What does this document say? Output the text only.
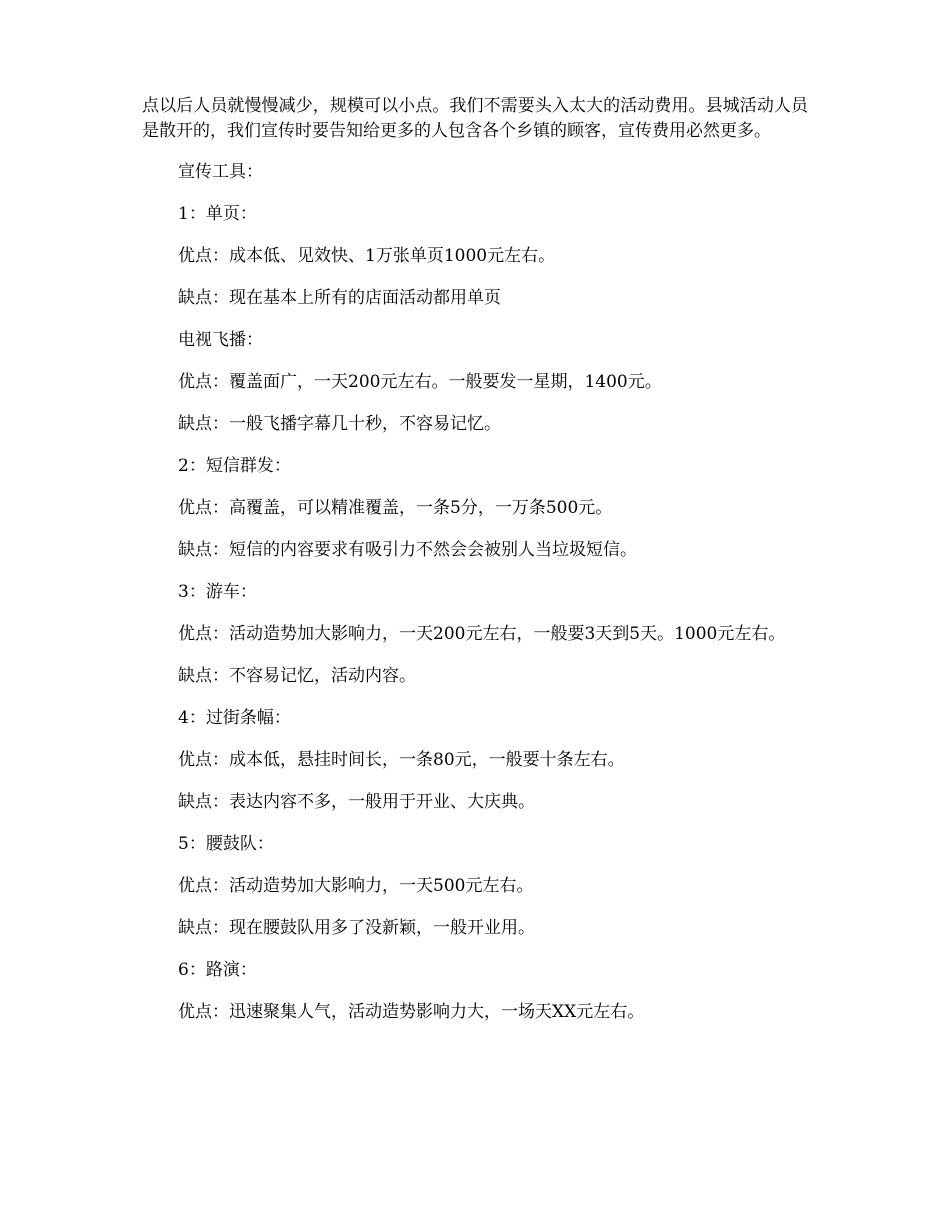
点以后人员就慢慢减少，规模可以小点。我们不需要头入太大的活动费用。县城活动人员是散开的，我们宣传时要告知给更多的人包含各个乡镇的顾客，宣传费用必然更多。

宣传工具：

1：单页：

优点：成本低、见效快、1万张单页1000元左右。

缺点：现在基本上所有的店面活动都用单页

电视飞播：

优点：覆盖面广，一天200元左右。一般要发一星期，1400元。

缺点：一般飞播字幕几十秒，不容易记忆。

2：短信群发：

优点：高覆盖，可以精准覆盖，一条5分，一万条500元。

缺点：短信的内容要求有吸引力不然会会被别人当垃圾短信。

3：游车：

优点：活动造势加大影响力，一天200元左右，一般要3天到5天。1000元左右。

缺点：不容易记忆，活动内容。

4：过街条幅：

优点：成本低，悬挂时间长，一条80元，一般要十条左右。

缺点：表达内容不多，一般用于开业、大庆典。

5：腰鼓队：

优点：活动造势加大影响力，一天500元左右。

缺点：现在腰鼓队用多了没新颖，一般开业用。

6：路演：

优点：迅速聚集人气，活动造势影响力大，一场天XX元左右。
